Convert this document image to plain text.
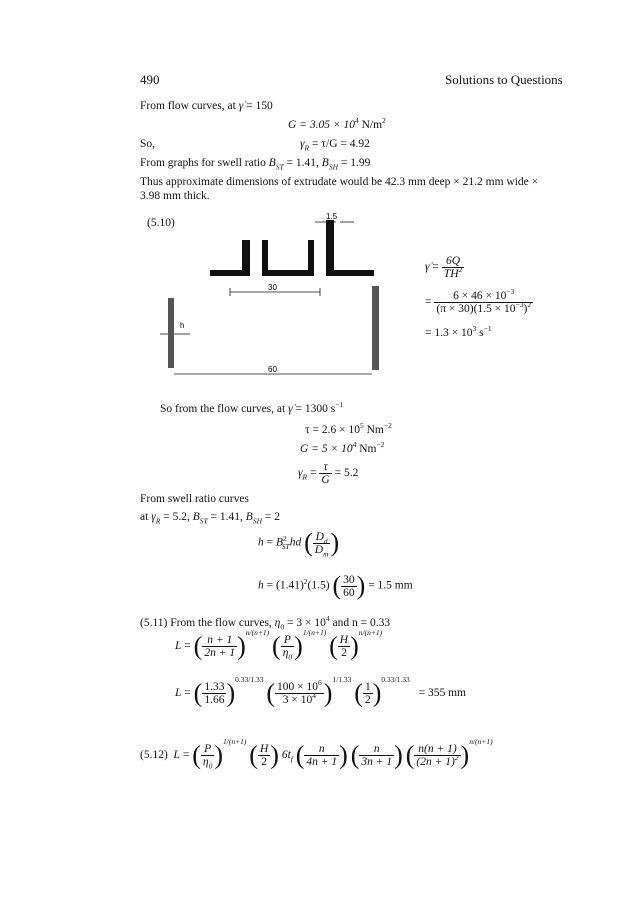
490	Solutions to Questions
From flow curves, at γ̇ = 150
$G = 3.05 \times 10^4$ $N/m^2$
So,	$\gamma_R = \tau/G = 4.92$
From graphs for swell ratio $B_{ST} = 1.41$, $B_{SH} = 1.99$
Thus approximate dimensions of extrudate would be 42.3 mm deep × 21.2 mm wide ×
3.98 mm thick.
(5.10)
1.5
30
h
60
γ̇ = $\frac{6Q}{TH^2}$
= $\frac{6 \times 46 \times 10^{-3}}{(\pi \times 30)(1.5 \times 10^{-3})^2}$
= $1.3 \times 10^3$ $s^{-1}$
So from the flow curves, at γ̇ = 1300 $s^{-1}$
$\tau = 2.6 \times 10^5$ $Nm^{-2}$
$G = 5 \times 10^4$ $Nm^{-2}$
$\gamma_R = \frac{\tau}{G} = 5.2$
From swell ratio curves
at $\gamma_R = 5.2$, $B_{ST} = 1.41$, $B_{SH} = 2$
$h = B^2_{ST}hd$ ( $\frac{D_d}{D_m}$ )
$h = (1.41)^2(1.5)$ ( $\frac{30}{60}$ ) = 1.5 mm
(5.11) From the flow curves, $\eta_0 = 3 \times 10^4$ and n = 0.33
L = ( $\frac{n + 1}{2n + 1} )^{n/(n+1)}$ ( $\frac{P}{\eta_0} )^{1/(n+1)}$ ( $\frac{H}{2} )^{n/(n+1)}$
L = ( $\frac{1.33}{1.66} )^{0.33/1.33}$ ( $\frac{100 \times 10^6}{3 \times 10^4} )^{1/1.33}$ ( $\frac{1}{2} )^{0.33/1.33} = 355$ mm
(5.12) L = ( $\frac{P}{\eta_0} )^{1/(n+1)}$ ( $\frac{H}{2}$ ) $6t_f$ ( $\frac{n}{4n + 1}$ ) ( $\frac{n}{3n + 1}$ ) ( $\frac{n(n + 1)}{(2n + 1)^2} )^{n/(n+1)}$
